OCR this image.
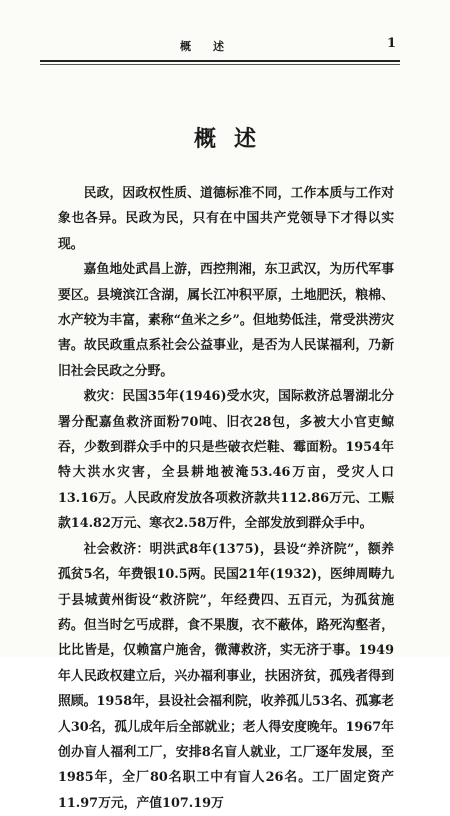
概述	1
概述

民政，因政权性质、道德标准不同，工作本质与工作对象也各异。民政为民，只有在中国共产党领导下才得以实现。

嘉鱼地处武昌上游，西控荆湘，东卫武汉，为历代军事要区。县境滨江含湖，属长江冲积平原，土地肥沃，粮棉、水产较为丰富，素称“鱼米之乡”。但地势低洼，常受洪涝灾害。故民政重点系社会公益事业，是否为人民谋福利，乃新旧社会民政之分野。

救灾：民国35年(1946)受水灾，国际救济总署湖北分署分配嘉鱼救济面粉70吨、旧衣28包，多被大小官吏鲸吞，少数到群众手中的只是些破衣烂鞋、霉面粉。1954年特大洪水灾害，全县耕地被淹53.46万亩，受灾人口13.16万。人民政府发放各项救济款共112.86万元、工赈款14.82万元、寒衣2.58万件，全部发放到群众手中。

社会救济：明洪武8年(1375)，县设“养济院”，额养孤贫5名，年费银10.5两。民国21年(1932)，医绅周畴九于县城黄州街设“救济院”，年经费四、五百元，为孤贫施药。但当时乞丐成群，食不果腹，衣不蔽体，路死沟壑者，比比皆是，仅赖富户施舍，微薄救济，实无济于事。1949年人民政权建立后，兴办福利事业，扶困济贫，孤残者得到照顾。1958年，县设社会福利院，收养孤儿53名、孤寡老人30名，孤儿成年后全部就业；老人得安度晚年。1967年创办盲人福利工厂，安排8名盲人就业，工厂逐年发展，至1985年，全厂80名职工中有盲人26名。工厂固定资产11.97万元，产值107.19万
